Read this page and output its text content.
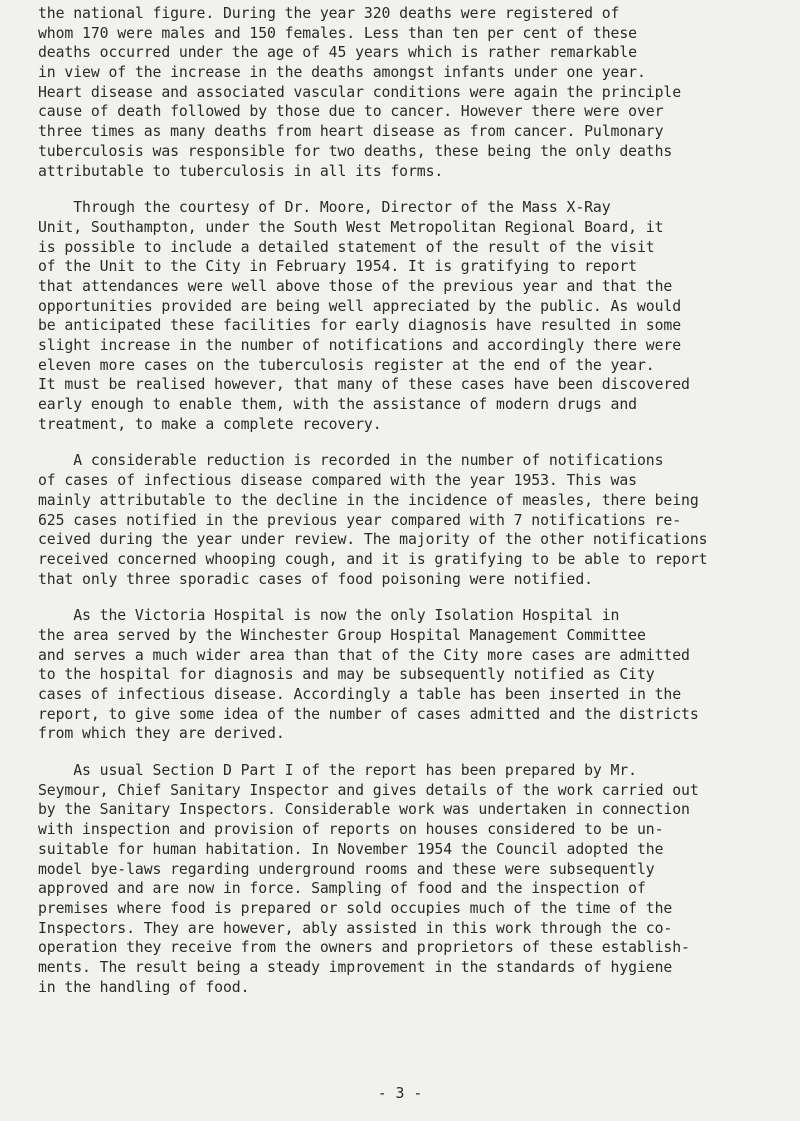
the national figure. During the year 320 deaths were registered of
whom 170 were males and 150 females. Less than ten per cent of these
deaths occurred under the age of 45 years which is rather remarkable
in view of the increase in the deaths amongst infants under one year.
Heart disease and associated vascular conditions were again the principle
cause of death followed by those due to cancer. However there were over
three times as many deaths from heart disease as from cancer. Pulmonary
tuberculosis was responsible for two deaths, these being the only deaths
attributable to tuberculosis in all its forms.
Through the courtesy of Dr. Moore, Director of the Mass X-Ray
Unit, Southampton, under the South West Metropolitan Regional Board, it
is possible to include a detailed statement of the result of the visit
of the Unit to the City in February 1954. It is gratifying to report
that attendances were well above those of the previous year and that the
opportunities provided are being well appreciated by the public. As would
be anticipated these facilities for early diagnosis have resulted in some
slight increase in the number of notifications and accordingly there were
eleven more cases on the tuberculosis register at the end of the year.
It must be realised however, that many of these cases have been discovered
early enough to enable them, with the assistance of modern drugs and
treatment, to make a complete recovery.
A considerable reduction is recorded in the number of notifications
of cases of infectious disease compared with the year 1953. This was
mainly attributable to the decline in the incidence of measles, there being
625 cases notified in the previous year compared with 7 notifications re-
ceived during the year under review. The majority of the other notifications
received concerned whooping cough, and it is gratifying to be able to report
that only three sporadic cases of food poisoning were notified.
As the Victoria Hospital is now the only Isolation Hospital in
the area served by the Winchester Group Hospital Management Committee
and serves a much wider area than that of the City more cases are admitted
to the hospital for diagnosis and may be subsequently notified as City
cases of infectious disease. Accordingly a table has been inserted in the
report, to give some idea of the number of cases admitted and the districts
from which they are derived.
As usual Section D Part I of the report has been prepared by Mr.
Seymour, Chief Sanitary Inspector and gives details of the work carried out
by the Sanitary Inspectors. Considerable work was undertaken in connection
with inspection and provision of reports on houses considered to be un-
suitable for human habitation. In November 1954 the Council adopted the
model bye-laws regarding underground rooms and these were subsequently
approved and are now in force. Sampling of food and the inspection of
premises where food is prepared or sold occupies much of the time of the
Inspectors. They are however, ably assisted in this work through the co-
operation they receive from the owners and proprietors of these establish-
ments. The result being a steady improvement in the standards of hygiene
in the handling of food.
- 3 -
